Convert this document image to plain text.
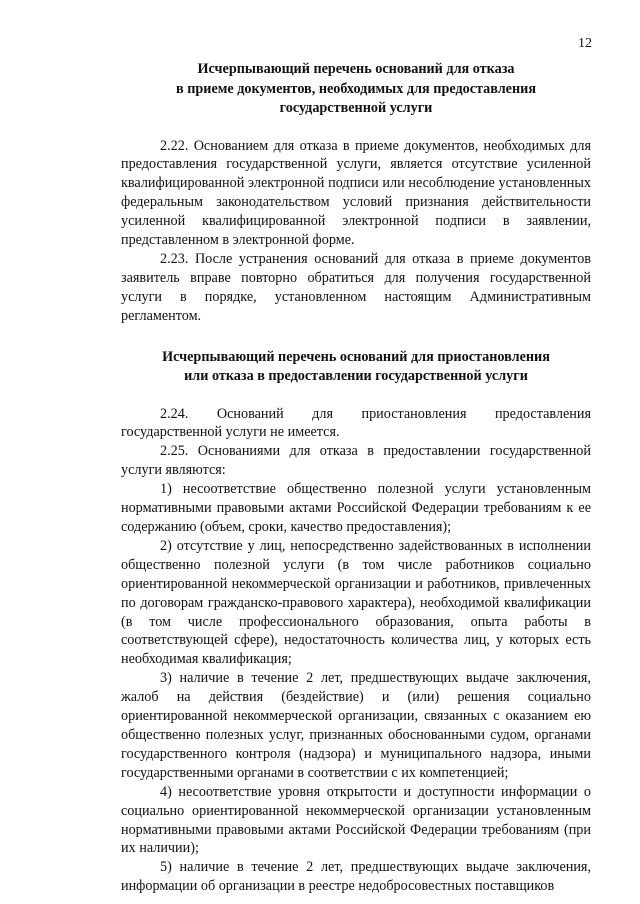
12
Исчерпывающий перечень оснований для отказа
в приеме документов, необходимых для предоставления
государственной услуги

2.22. Основанием для отказа в приеме документов, необходимых для предоставления государственной услуги, является отсутствие усиленной квалифицированной электронной подписи или несоблюдение установленных федеральным законодательством условий признания действительности усиленной квалифицированной электронной подписи в заявлении, представленном в электронной форме.

2.23. После устранения оснований для отказа в приеме документов заявитель вправе повторно обратиться для получения государственной услуги в порядке, установленном настоящим Административным регламентом.

Исчерпывающий перечень оснований для приостановления
или отказа в предоставлении государственной услуги

2.24. Оснований для приостановления предоставления государственной услуги не имеется.

2.25. Основаниями для отказа в предоставлении государственной услуги являются:

1) несоответствие общественно полезной услуги установленным нормативными правовыми актами Российской Федерации требованиям к ее содержанию (объем, сроки, качество предоставления);

2) отсутствие у лиц, непосредственно задействованных в исполнении общественно полезной услуги (в том числе работников социально ориентированной некоммерческой организации и работников, привлеченных по договорам гражданско-правового характера), необходимой квалификации (в том числе профессионального образования, опыта работы в соответствующей сфере), недостаточность количества лиц, у которых есть необходимая квалификация;

3) наличие в течение 2 лет, предшествующих выдаче заключения, жалоб на действия (бездействие) и (или) решения социально ориентированной некоммерческой организации, связанных с оказанием ею общественно полезных услуг, признанных обоснованными судом, органами государственного контроля (надзора) и муниципального надзора, иными государственными органами в соответствии с их компетенцией;

4) несоответствие уровня открытости и доступности информации о социально ориентированной некоммерческой организации установленным нормативными правовыми актами Российской Федерации требованиям (при их наличии);

5) наличие в течение 2 лет, предшествующих выдаче заключения, информации об организации в реестре недобросовестных поставщиков
